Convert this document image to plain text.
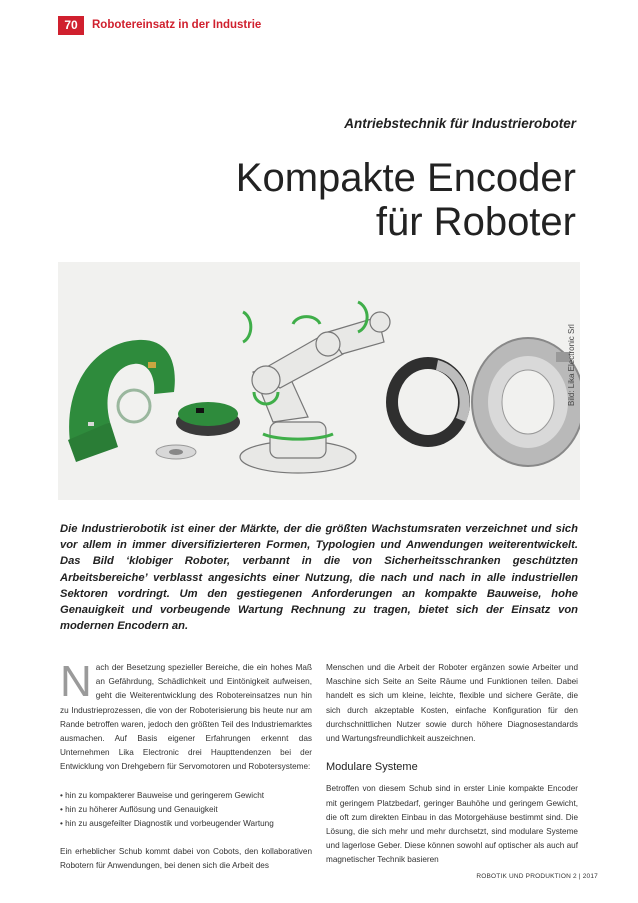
70	Robotereinsatz in der Industrie
Antriebstechnik für Industrieroboter
Kompakte Encoder
für Roboter
Bild: Lika Electronic Srl

Die Industrierobotik ist einer der Märkte, der die größten Wachstumsraten verzeichnet und sich vor allem in immer diversifizierteren Formen, Typologien und Anwendungen weiterentwickelt. Das Bild ‘klobiger Roboter, verbannt in die von Sicherheitsschranken geschützten Arbeitsbereiche’ verblasst angesichts einer Nutzung, die nach und nach in alle industriellen Sektoren vordringt. Um den gestiegenen Anforderungen an kompakte Bauweise, hohe Genauigkeit und vorbeugende Wartung Rechnung zu tragen, bietet sich der Einsatz von modernen Encodern an.

Nach der Besetzung spezieller Bereiche, die ein hohes Maß an Gefährdung, Schädlichkeit und Eintönigkeit aufweisen, geht die Weiterentwicklung des Robotereinsatzes nun hin zu Industrieprozessen, die von der Roboterisierung bis heute nur am Rande betroffen waren, jedoch den größten Teil des Industriemarktes ausmachen. Auf Basis eigener Erfahrungen erkennt das Unternehmen Lika Electronic drei Haupttendenzen bei der Entwicklung von Drehgebern für Servomotoren und Robotersysteme:

• hin zu kompakterer Bauweise und geringerem Gewicht
• hin zu höherer Auflösung und Genauigkeit
• hin zu ausgefeilter Diagnostik und vorbeugender Wartung

Ein erheblicher Schub kommt dabei von Cobots, den kollaborativen Robotern für Anwendungen, bei denen sich die Arbeit des

Menschen und die Arbeit der Roboter ergänzen sowie Arbeiter und Maschine sich Seite an Seite Räume und Funktionen teilen. Dabei handelt es sich um kleine, leichte, flexible und sichere Geräte, die sich durch akzeptable Kosten, einfache Konfiguration für den durchschnittlichen Nutzer sowie durch höhere Diagnosestandards und Wartungsfreundlichkeit auszeichnen.

Modulare Systeme

Betroffen von diesem Schub sind in erster Linie kompakte Encoder mit geringem Platzbedarf, geringer Bauhöhe und geringem Gewicht, die oft zum direkten Einbau in das Motorgehäuse bestimmt sind. Die Lösung, die sich mehr und mehr durchsetzt, sind modulare Systeme und lagerlose Geber. Diese können sowohl auf optischer als auch auf magnetischer Technik basieren

ROBOTIK UND PRODUKTION 2 | 2017
